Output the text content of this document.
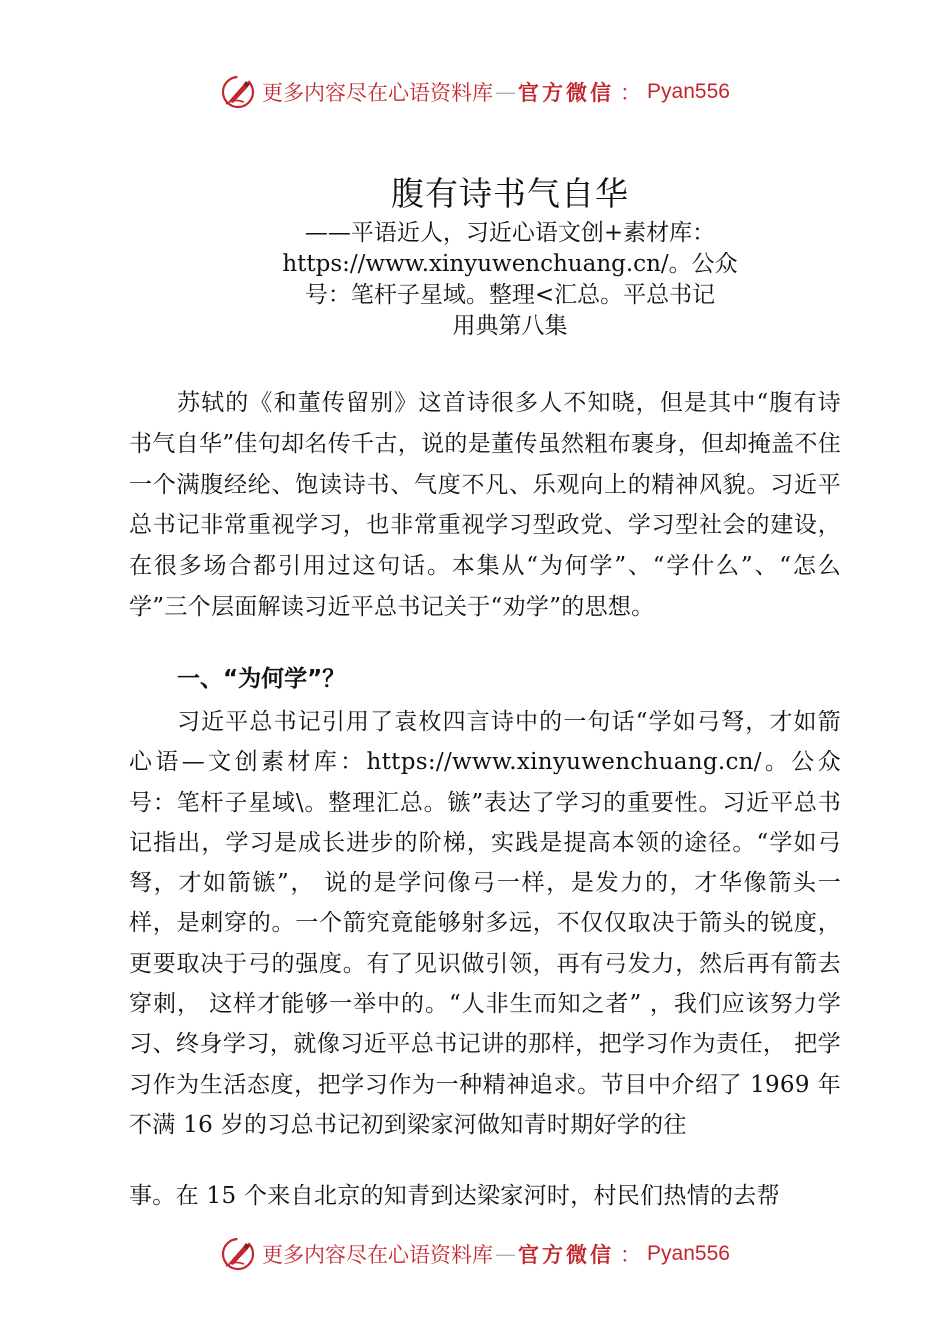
更多内容尽在心语资料库 — 官方微信 ： Pyan556
腹有诗书气自华
——平语近人，习近心语文创+素材库：
https://www.xinyuwenchuang.cn/。公众
号：笔杆子星域。整理<汇总。平总书记
用典第八集
苏轼的《和董传留别》这首诗很多人不知晓，但是其中“腹有诗书气自华”佳句却名传千古，说的是董传虽然粗布裹身，但却掩盖不住一个满腹经纶、饱读诗书、气度不凡、乐观向上的精神风貌。习近平总书记非常重视学习，也非常重视学习型政党、学习型社会的建设，在很多场合都引用过这句话。本集从“为何学”、“学什么”、“怎么学”三个层面解读习近平总书记关于“劝学”的思想。
一、“为何学”？
习近平总书记引用了袁枚四言诗中的一句话“学如弓弩，才如箭心语—文创素材库：https://www.xinyuwenchuang.cn/。公众号：笔杆子星域\。整理汇总。镞”表达了学习的重要性。习近平总书记指出，学习是成长进步的阶梯，实践是提高本领的途径。“学如弓弩，才如箭镞”， 说的是学问像弓一样，是发力的，才华像箭头一样，是刺穿的。一个箭究竟能够射多远，不仅仅取决于箭头的锐度，更要取决于弓的强度。有了见识做引领，再有弓发力，然后再有箭去穿刺， 这样才能够一举中的。“人非生而知之者” ，我们应该努力学习、终身学习，就像习近平总书记讲的那样，把学习作为责任， 把学习作为生活态度，把学习作为一种精神追求。节目中介绍了 1969 年不满 16 岁的习总书记初到梁家河做知青时期好学的往
事。在 15 个来自北京的知青到达梁家河时，村民们热情的去帮
更多内容尽在心语资料库 — 官方微信 ： Pyan556
